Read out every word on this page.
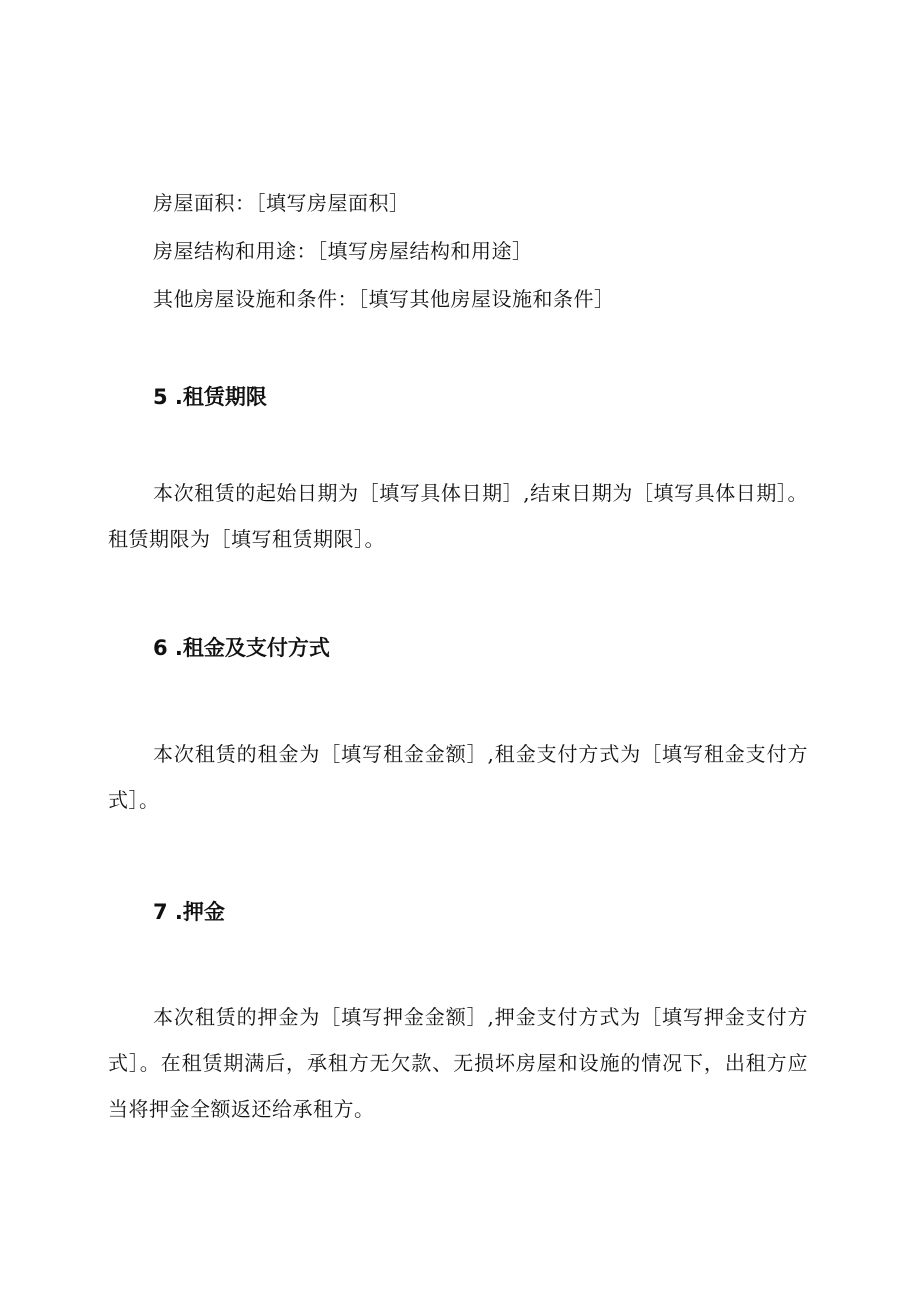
房屋面积：［填写房屋面积］
房屋结构和用途：［填写房屋结构和用途］
其他房屋设施和条件：［填写其他房屋设施和条件］
5 .租赁期限
本次租赁的起始日期为［填写具体日期］,结束日期为［填写具体日期］。租赁期限为［填写租赁期限］。
6 .租金及支付方式
本次租赁的租金为［填写租金金额］,租金支付方式为［填写租金支付方式］。
7 .押金
本次租赁的押金为［填写押金金额］,押金支付方式为［填写押金支付方式］。在租赁期满后，承租方无欠款、无损坏房屋和设施的情况下，出租方应当将押金全额返还给承租方。
